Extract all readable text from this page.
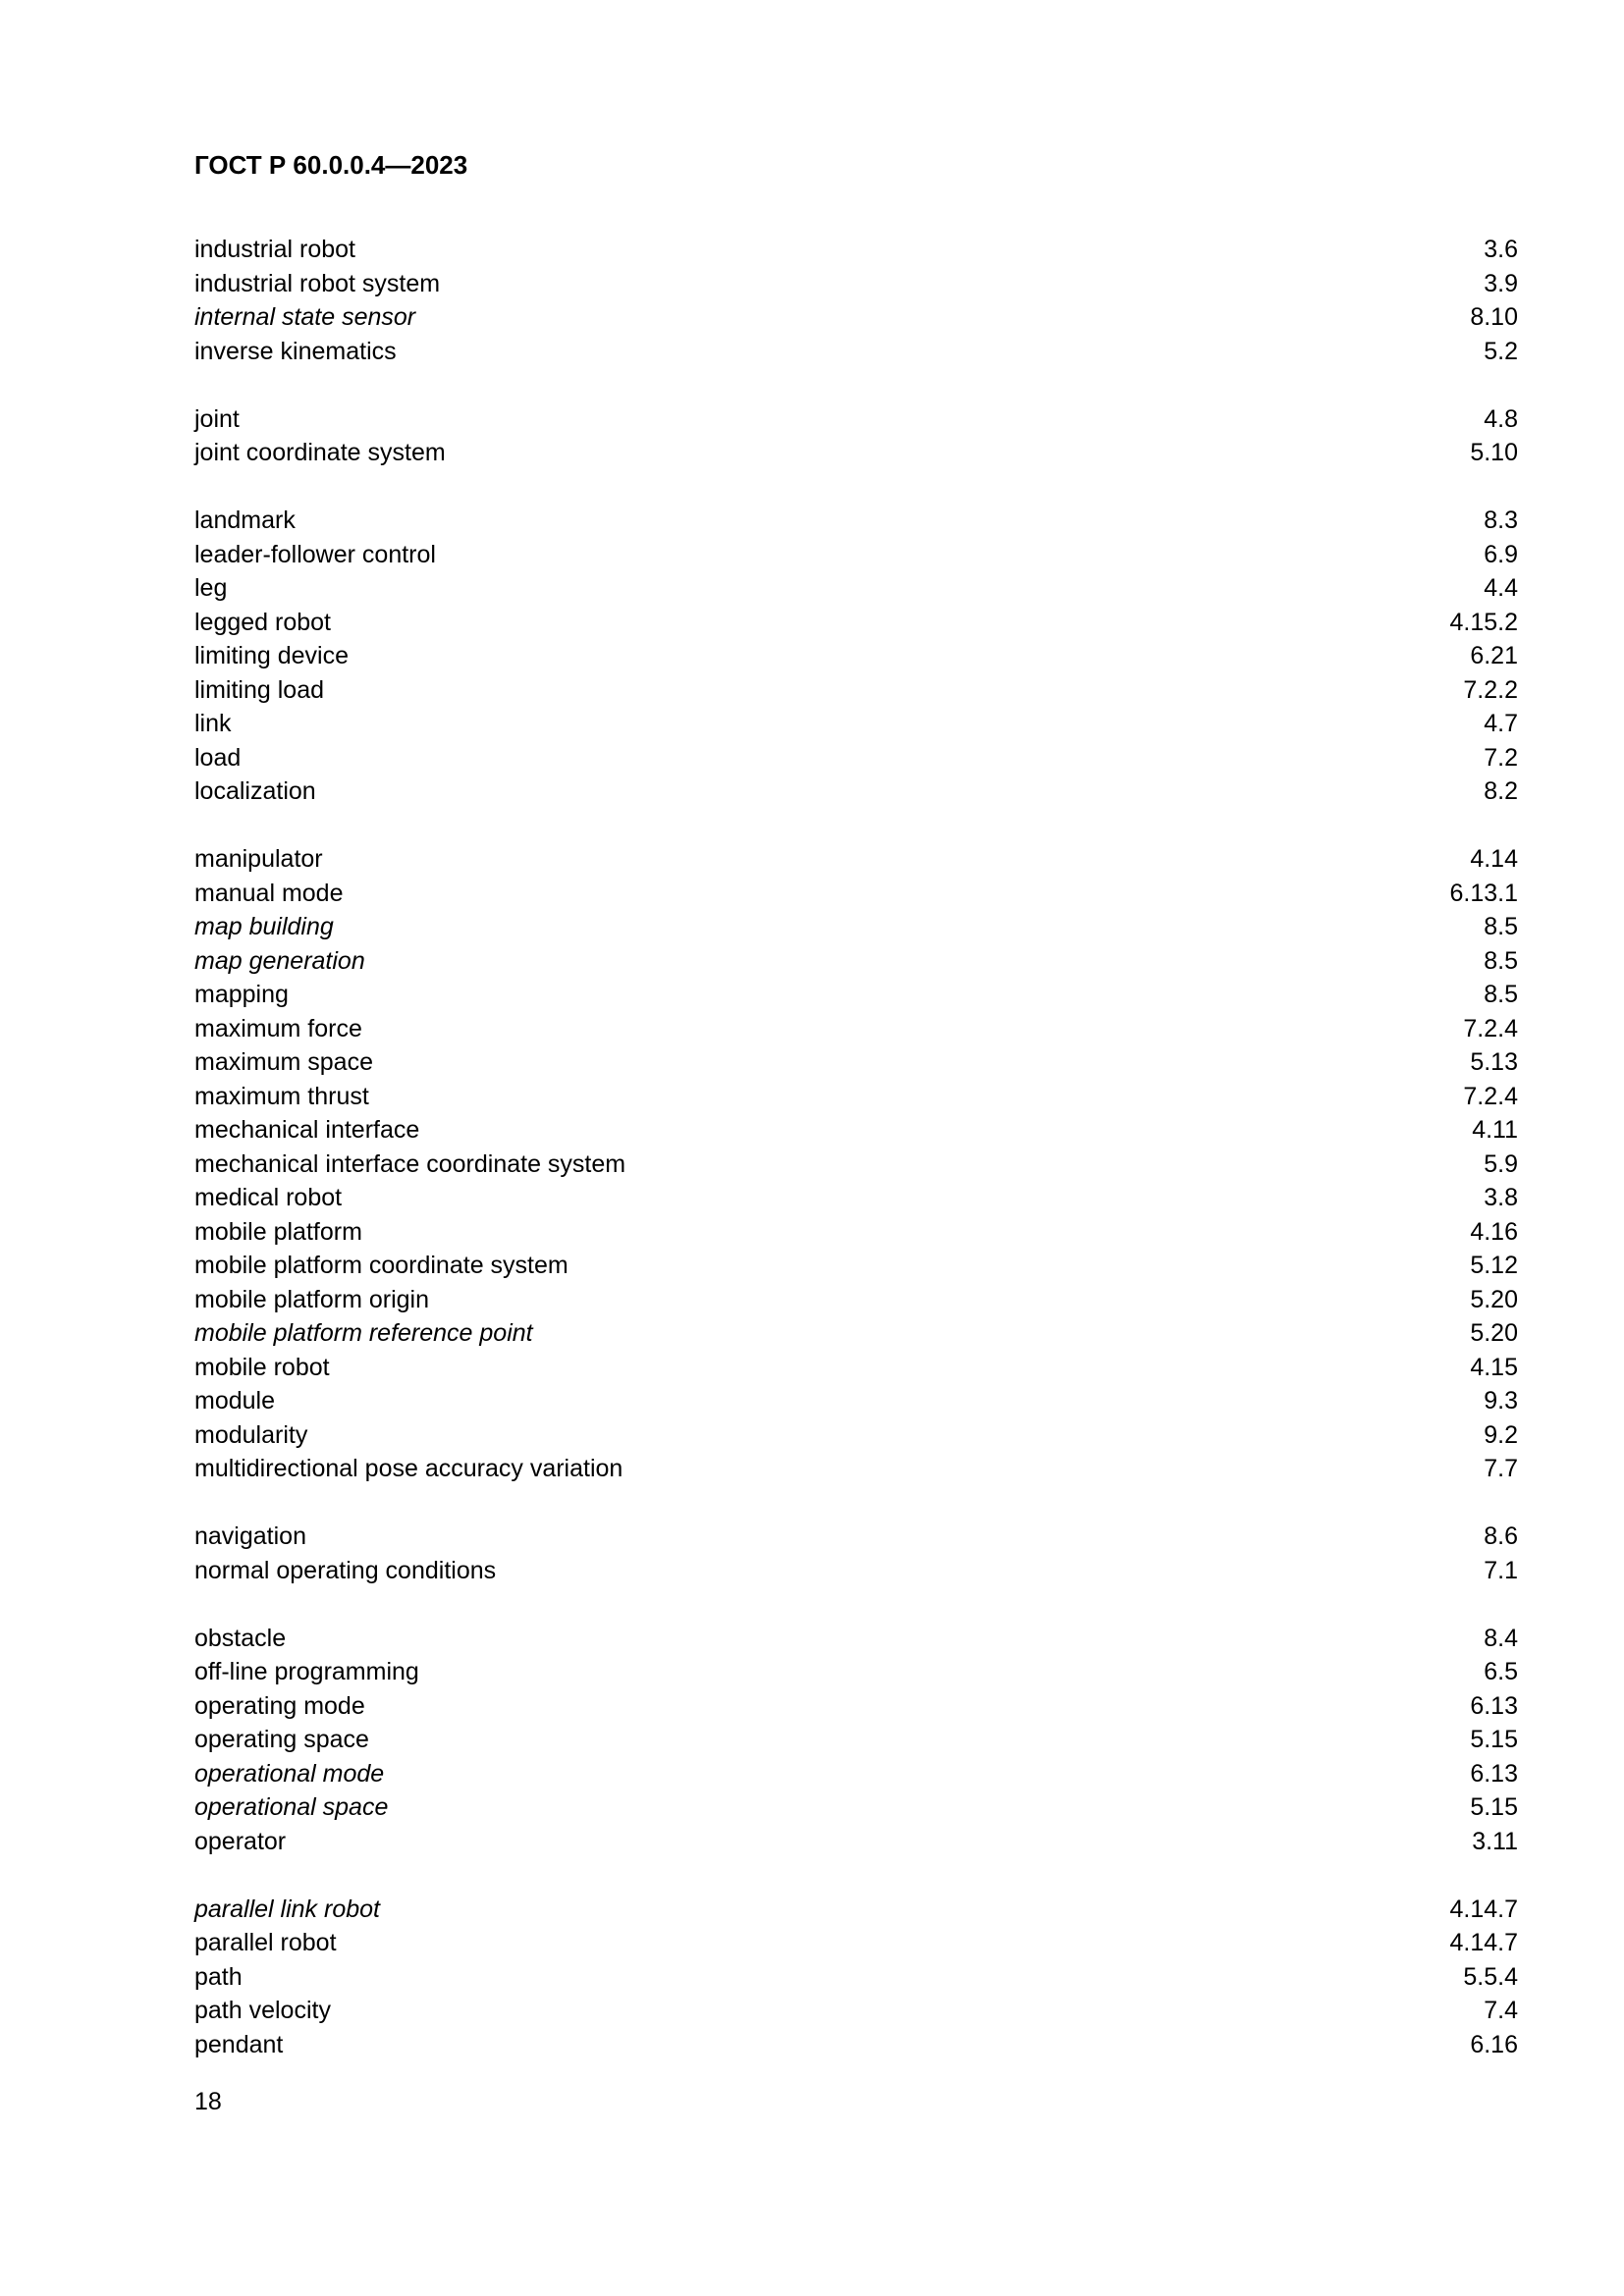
ГОСТ Р 60.0.0.4—2023
industrial robot	3.6
industrial robot system	3.9
internal state sensor	8.10
inverse kinematics	5.2
joint	4.8
joint coordinate system	5.10
landmark	8.3
leader-follower control	6.9
leg	4.4
legged robot	4.15.2
limiting device	6.21
limiting load	7.2.2
link	4.7
load	7.2
localization	8.2
manipulator	4.14
manual mode	6.13.1
map building	8.5
map generation	8.5
mapping	8.5
maximum force	7.2.4
maximum space	5.13
maximum thrust	7.2.4
mechanical interface	4.11
mechanical interface coordinate system	5.9
medical robot	3.8
mobile platform	4.16
mobile platform coordinate system	5.12
mobile platform origin	5.20
mobile platform reference point	5.20
mobile robot	4.15
module	9.3
modularity	9.2
multidirectional pose accuracy variation	7.7
navigation	8.6
normal operating conditions	7.1
obstacle	8.4
off-line programming	6.5
operating mode	6.13
operating space	5.15
operational mode	6.13
operational space	5.15
operator	3.11
parallel link robot	4.14.7
parallel robot	4.14.7
path	5.5.4
path velocity	7.4
pendant	6.16
18
